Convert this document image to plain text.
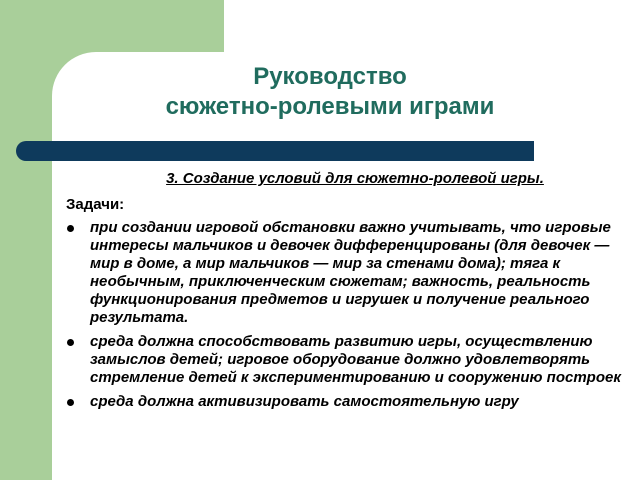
Руководство
сюжетно-ролевыми играми

3. Создание условий для сюжетно-ролевой игры.

Задачи:

при создании игровой обстановки важно учитывать, что игровые интересы мальчиков и девочек дифференцированы (для девочек — мир в доме, а мир мальчиков — мир за стенами дома); тяга к необычным, приключенческим сюжетам; важность, реальность функционирования предметов и игрушек и получение реального результата.
среда должна способствовать развитию игры, осуществлению замыслов детей; игровое оборудование должно удовлетворять стремление детей к экспериментированию и сооружению построек
среда должна активизировать самостоятельную игру
